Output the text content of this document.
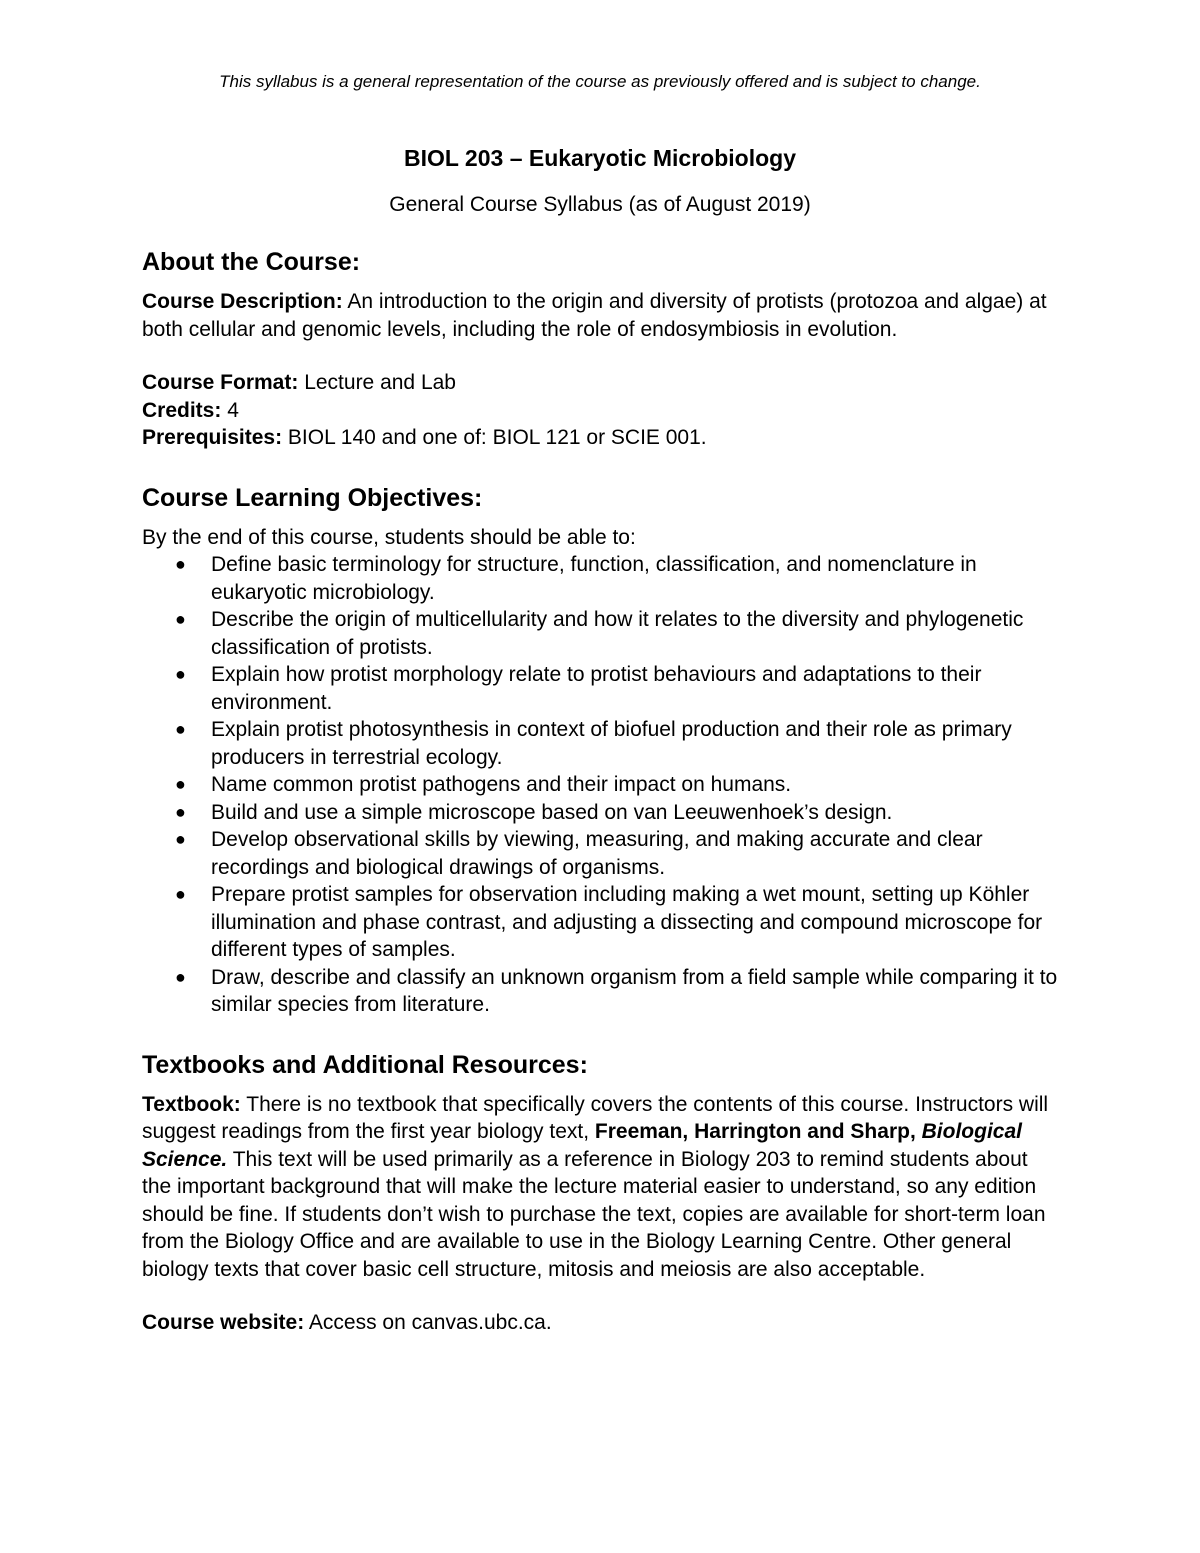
This syllabus is a general representation of the course as previously offered and is subject to change.
BIOL 203 – Eukaryotic Microbiology
General Course Syllabus (as of August 2019)
About the Course:

Course Description: An introduction to the origin and diversity of protists (protozoa and algae) at both cellular and genomic levels, including the role of endosymbiosis in evolution.

Course Format: Lecture and Lab

Credits: 4

Prerequisites: BIOL 140 and one of: BIOL 121 or SCIE 001.

Course Learning Objectives:

By the end of this course, students should be able to:

● Define basic terminology for structure, function, classification, and nomenclature in eukaryotic microbiology.
● Describe the origin of multicellularity and how it relates to the diversity and phylogenetic classification of protists.
● Explain how protist morphology relate to protist behaviours and adaptations to their environment.
● Explain protist photosynthesis in context of biofuel production and their role as primary producers in terrestrial ecology.
● Name common protist pathogens and their impact on humans.
● Build and use a simple microscope based on van Leeuwenhoek’s design.
● Develop observational skills by viewing, measuring, and making accurate and clear recordings and biological drawings of organisms.
● Prepare protist samples for observation including making a wet mount, setting up Köhler illumination and phase contrast, and adjusting a dissecting and compound microscope for different types of samples.
● Draw, describe and classify an unknown organism from a field sample while comparing it to similar species from literature.
Textbooks and Additional Resources:

Textbook: There is no textbook that specifically covers the contents of this course. Instructors will suggest readings from the first year biology text, Freeman, Harrington and Sharp, Biological Science. This text will be used primarily as a reference in Biology 203 to remind students about the important background that will make the lecture material easier to understand, so any edition should be fine. If students don’t wish to purchase the text, copies are available for short-term loan from the Biology Office and are available to use in the Biology Learning Centre. Other general biology texts that cover basic cell structure, mitosis and meiosis are also acceptable.

Course website: Access on canvas.ubc.ca.
